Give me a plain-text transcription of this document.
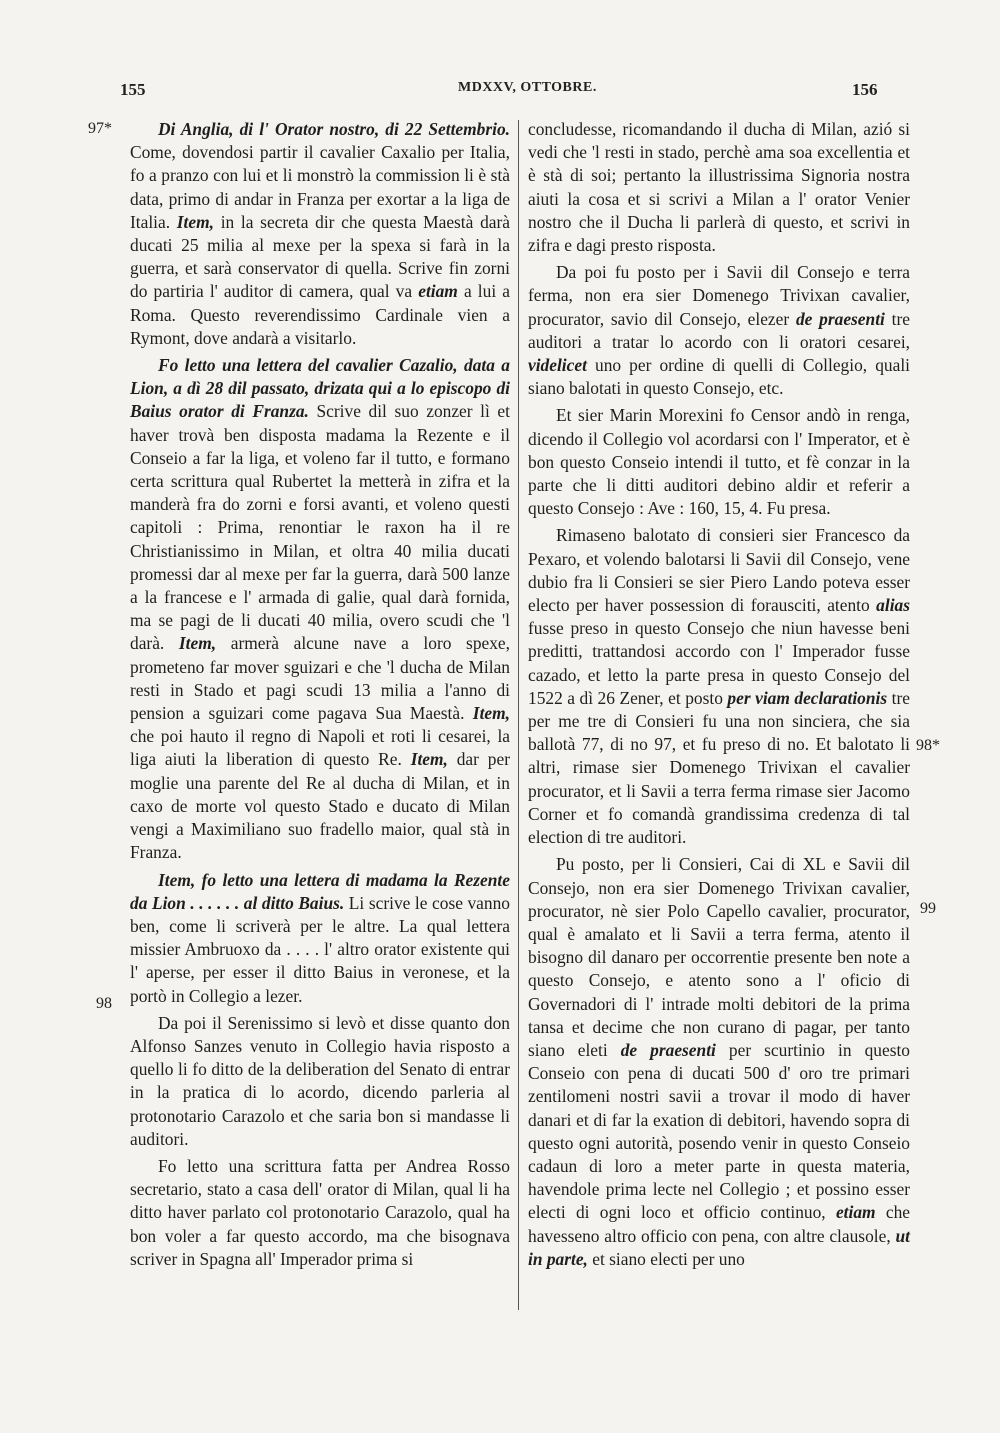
155	MDXXV, OTTOBRE.	156
97*
98
98*
99

Di Anglia, di l' Orator nostro, di 22 Settembrio. Come, dovendosi partir il cavalier Caxalio per Italia, fo a pranzo con lui et li monstrò la commission li è stà data, primo di andar in Franza per exortar a la liga de Italia. Item, in la secreta dir che questa Maestà darà ducati 25 milia al mexe per la spexa si farà in la guerra, et sarà conservator di quella. Scrive fin zorni do partiria l' auditor di camera, qual va etiam a lui a Roma. Questo reverendissimo Cardinale vien a Rymont, dove andarà a visitarlo.

Fo letto una lettera del cavalier Cazalio, data a Lion, a dì 28 dil passato, drizata qui a lo episcopo di Baius orator di Franza. Scrive dil suo zonzer lì et haver trovà ben disposta madama la Rezente e il Conseio a far la liga, et voleno far il tutto, e formano certa scrittura qual Rubertet la metterà in zifra et la manderà fra do zorni e forsi avanti, et voleno questi capitoli : Prima, renontiar le raxon ha il re Christianissimo in Milan, et oltra 40 milia ducati promessi dar al mexe per far la guerra, darà 500 lanze a la francese e l' armada di galie, qual darà fornida, ma se pagi de li ducati 40 milia, overo scudi che 'l darà. Item, armerà alcune nave a loro spexe, prometeno far mover sguizari e che 'l ducha de Milan resti in Stado et pagi scudi 13 milia a l'anno di pension a sguizari come pagava Sua Maestà. Item, che poi hauto il regno di Napoli et roti li cesarei, la liga aiuti la liberation di questo Re. Item, dar per moglie una parente del Re al ducha di Milan, et in caxo de morte vol questo Stado e ducato di Milan vengi a Maximiliano suo fradello maior, qual stà in Franza.

Item, fo letto una lettera di madama la Rezente da Lion . . . . . . al ditto Baius. Li scrive le cose vanno ben, come li scriverà per le altre. La qual lettera missier Ambruoxo da . . . . l' altro orator existente qui l' aperse, per esser il ditto Baius in veronese, et la portò in Collegio a lezer.

Da poi il Serenissimo si levò et disse quanto don Alfonso Sanzes venuto in Collegio havia risposto a quello li fo ditto de la deliberation del Senato di entrar in la pratica di lo acordo, dicendo parleria al protonotario Carazolo et che saria bon si mandasse li auditori.

Fo letto una scrittura fatta per Andrea Rosso secretario, stato a casa dell' orator di Milan, qual li ha ditto haver parlato col protonotario Carazolo, qual ha bon voler a far questo accordo, ma che bisognava scriver in Spagna all' Imperador prima si

concludesse, ricomandando il ducha di Milan, azió si vedi che 'l resti in stado, perchè ama soa excellentia et è stà di soi; pertanto la illustrissima Signoria nostra aiuti la cosa et si scrivi a Milan a l' orator Venier nostro che il Ducha li parlerà di questo, et scrivi in zifra e dagi presto risposta.

Da poi fu posto per i Savii dil Consejo e terra ferma, non era sier Domenego Trivixan cavalier, procurator, savio dil Consejo, elezer de praesenti tre auditori a tratar lo acordo con li oratori cesarei, videlicet uno per ordine di quelli di Collegio, quali siano balotati in questo Consejo, etc.

Et sier Marin Morexini fo Censor andò in renga, dicendo il Collegio vol acordarsi con l' Imperator, et è bon questo Conseio intendi il tutto, et fè conzar in la parte che li ditti auditori debino aldir et referir a questo Consejo : Ave : 160, 15, 4. Fu presa.

Rimaseno balotato di consieri sier Francesco da Pexaro, et volendo balotarsi li Savii dil Consejo, vene dubio fra li Consieri se sier Piero Lando poteva esser electo per haver possession di forausciti, atento alias fusse preso in questo Consejo che niun havesse beni preditti, trattandosi accordo con l' Imperador fusse cazado, et letto la parte presa in questo Consejo del 1522 a dì 26 Zener, et posto per viam declarationis tre per me tre di Consieri fu una non sinciera, che sia ballotà 77, di no 97, et fu preso di no. Et balotato li altri, rimase sier Domenego Trivixan el cavalier procurator, et li Savii a terra ferma rimase sier Jacomo Corner et fo comandà grandissima credenza di tal election di tre auditori.

Pu posto, per li Consieri, Cai di XL e Savii dil Consejo, non era sier Domenego Trivixan cavalier, procurator, nè sier Polo Capello cavalier, procurator, qual è amalato et li Savii a terra ferma, atento il bisogno dil danaro per occorrentie presente ben note a questo Consejo, e atento sono a l' oficio di Governadori di l' intrade molti debitori de la prima tansa et decime che non curano di pagar, per tanto siano eleti de praesenti per scurtinio in questo Conseio con pena di ducati 500 d' oro tre primari zentilomeni nostri savii a trovar il modo di haver danari et di far la exation di debitori, havendo sopra di questo ogni autorità, posendo venir in questo Conseio cadaun di loro a meter parte in questa materia, havendole prima lecte nel Collegio ; et possino esser electi di ogni loco et officio continuo, etiam che havesseno altro officio con pena, con altre clausole, ut in parte, et siano electi per uno
